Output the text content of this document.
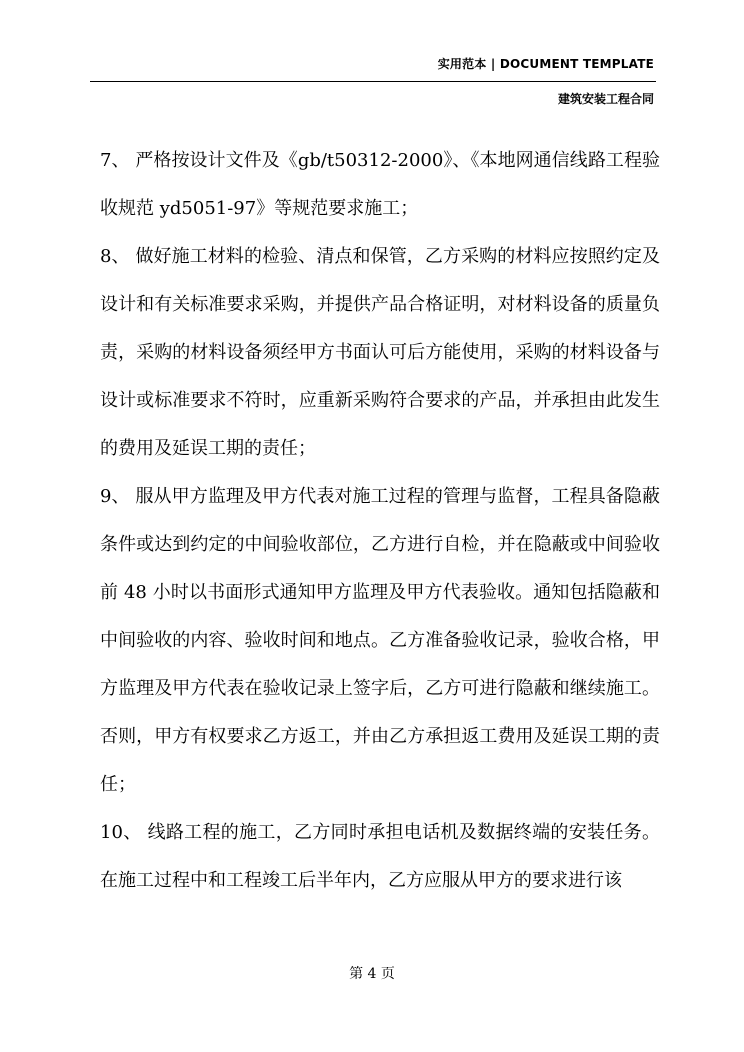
实用范本 | DOCUMENT TEMPLATE
建筑安装工程合同

7、 严格按设计文件及《gb/t50312-2000》、《本地网通信线路工程验收规范 yd5051-97》等规范要求施工；

8、 做好施工材料的检验、清点和保管，乙方采购的材料应按照约定及设计和有关标准要求采购，并提供产品合格证明，对材料设备的质量负责，采购的材料设备须经甲方书面认可后方能使用，采购的材料设备与设计或标准要求不符时，应重新采购符合要求的产品，并承担由此发生的费用及延误工期的责任；

9、 服从甲方监理及甲方代表对施工过程的管理与监督，工程具备隐蔽条件或达到约定的中间验收部位，乙方进行自检，并在隐蔽或中间验收前 48 小时以书面形式通知甲方监理及甲方代表验收。通知包括隐蔽和中间验收的内容、验收时间和地点。乙方准备验收记录，验收合格，甲方监理及甲方代表在验收记录上签字后，乙方可进行隐蔽和继续施工。否则，甲方有权要求乙方返工，并由乙方承担返工费用及延误工期的责任；

10、 线路工程的施工，乙方同时承担电话机及数据终端的安装任务。在施工过程中和工程竣工后半年内，乙方应服从甲方的要求进行该

第 4 页
